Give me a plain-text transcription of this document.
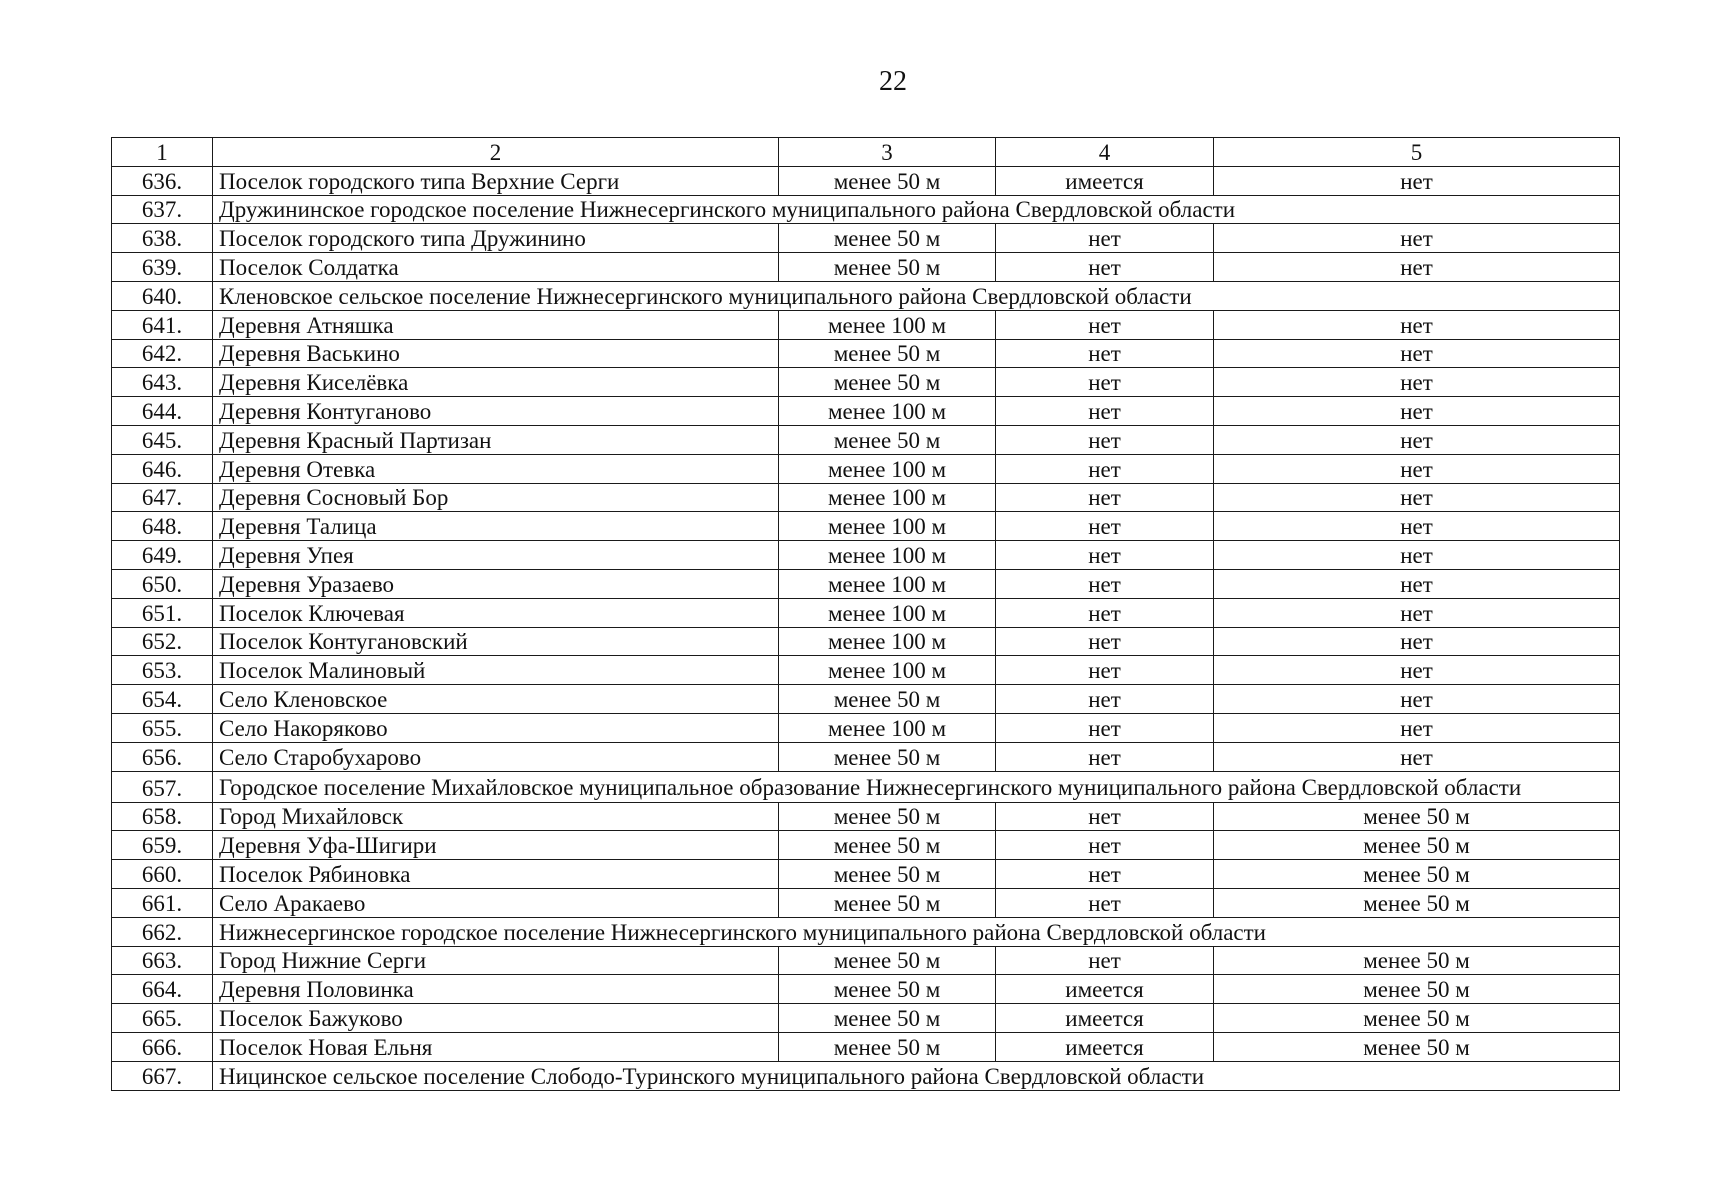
22
1	2	3	4	5
636.	Поселок городского типа Верхние Серги	менее 50 м	имеется	нет
637.	Дружининское городское поселение Нижнесергинского муниципального района Свердловской области			
638.	Поселок городского типа Дружинино	менее 50 м	нет	нет
639.	Поселок Солдатка	менее 50 м	нет	нет
640.	Кленовское сельское поселение Нижнесергинского муниципального района Свердловской области			
641.	Деревня Атняшка	менее 100 м	нет	нет
642.	Деревня Васькино	менее 50 м	нет	нет
643.	Деревня Киселёвка	менее 50 м	нет	нет
644.	Деревня Контуганово	менее 100 м	нет	нет
645.	Деревня Красный Партизан	менее 50 м	нет	нет
646.	Деревня Отевка	менее 100 м	нет	нет
647.	Деревня Сосновый Бор	менее 100 м	нет	нет
648.	Деревня Талица	менее 100 м	нет	нет
649.	Деревня Упея	менее 100 м	нет	нет
650.	Деревня Уразаево	менее 100 м	нет	нет
651.	Поселок Ключевая	менее 100 м	нет	нет
652.	Поселок Контугановский	менее 100 м	нет	нет
653.	Поселок Малиновый	менее 100 м	нет	нет
654.	Село Кленовское	менее 50 м	нет	нет
655.	Село Накоряково	менее 100 м	нет	нет
656.	Село Старобухарово	менее 50 м	нет	нет
657.	Городское поселение Михайловское муниципальное образование Нижнесергинского муниципального района Свердловской области			
658.	Город Михайловск	менее 50 м	нет	менее 50 м
659.	Деревня Уфа-Шигири	менее 50 м	нет	менее 50 м
660.	Поселок Рябиновка	менее 50 м	нет	менее 50 м
661.	Село Аракаево	менее 50 м	нет	менее 50 м
662.	Нижнесергинское городское поселение Нижнесергинского муниципального района Свердловской области			
663.	Город Нижние Серги	менее 50 м	нет	менее 50 м
664.	Деревня Половинка	менее 50 м	имеется	менее 50 м
665.	Поселок Бажуково	менее 50 м	имеется	менее 50 м
666.	Поселок Новая Ельня	менее 50 м	имеется	менее 50 м
667.	Ницинское сельское поселение Слободо-Туринского муниципального района Свердловской области			
